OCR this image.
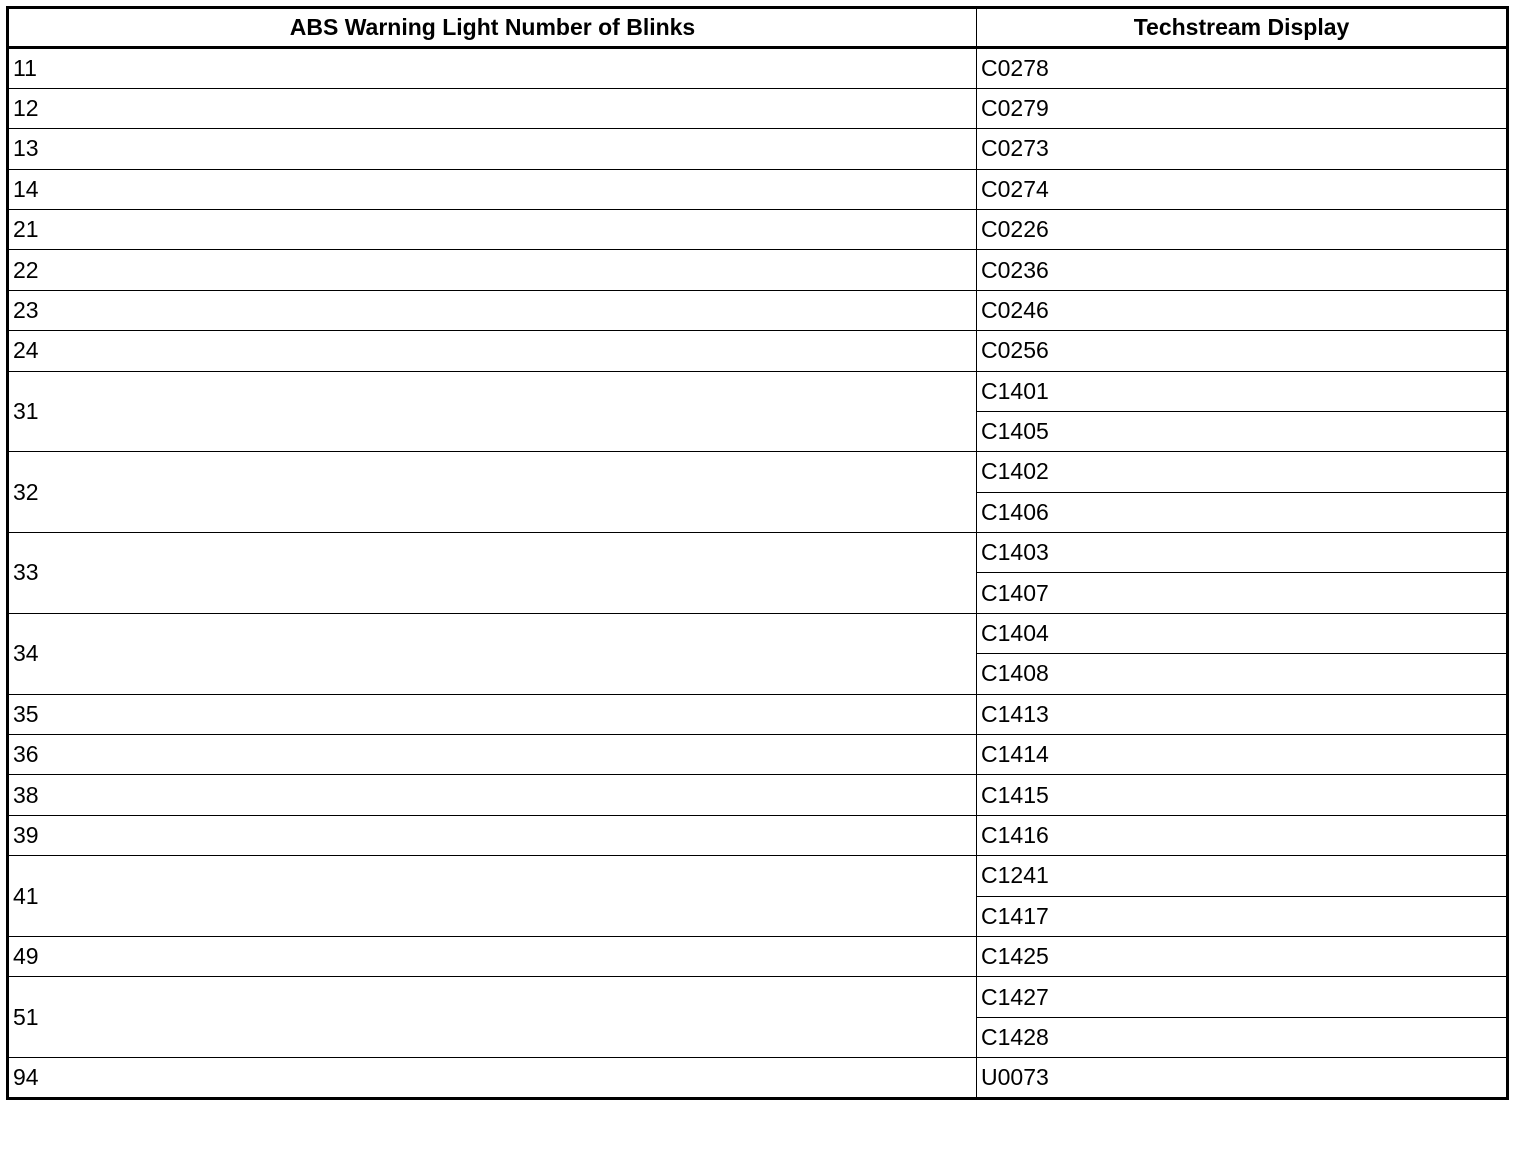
ABS Warning Light Number of Blinks	Techstream Display
11	C0278
12	C0279
13	C0273
14	C0274
21	C0226
22	C0236
23	C0246
24	C0256
31	C1401
	C1405
32	C1402
	C1406
33	C1403
	C1407
34	C1404
	C1408
35	C1413
36	C1414
38	C1415
39	C1416
41	C1241
	C1417
49	C1425
51	C1427
	C1428
94	U0073
